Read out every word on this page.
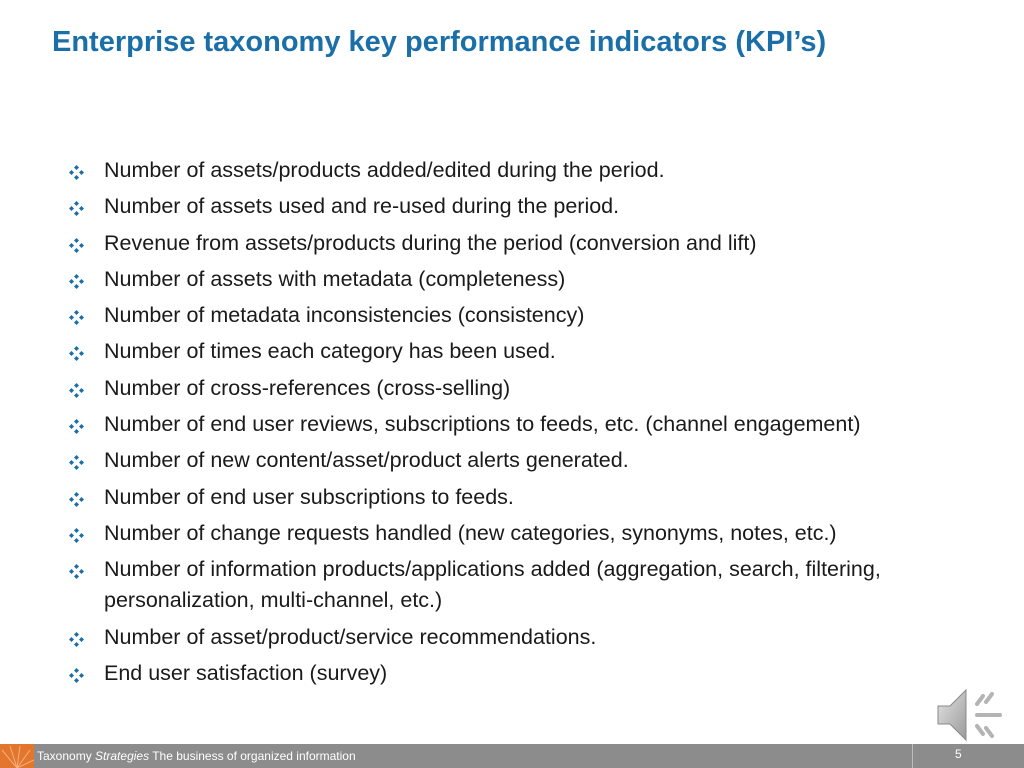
Enterprise taxonomy key performance indicators (KPI’s)
Number of assets/products added/edited during the period.
Number of assets used and re-used during the period.
Revenue from assets/products during the period (conversion and lift)
Number of assets with metadata (completeness)
Number of metadata inconsistencies (consistency)
Number of times each category has been used.
Number of cross-references (cross-selling)
Number of end user reviews, subscriptions to feeds, etc. (channel engagement)
Number of new content/asset/product alerts generated.
Number of end user subscriptions to feeds.
Number of change requests handled (new categories, synonyms, notes, etc.)
Number of information products/applications added (aggregation, search, filtering, personalization, multi-channel, etc.)
Number of asset/product/service recommendations.
End user satisfaction (survey)
Taxonomy Strategies The business of organized information	5
